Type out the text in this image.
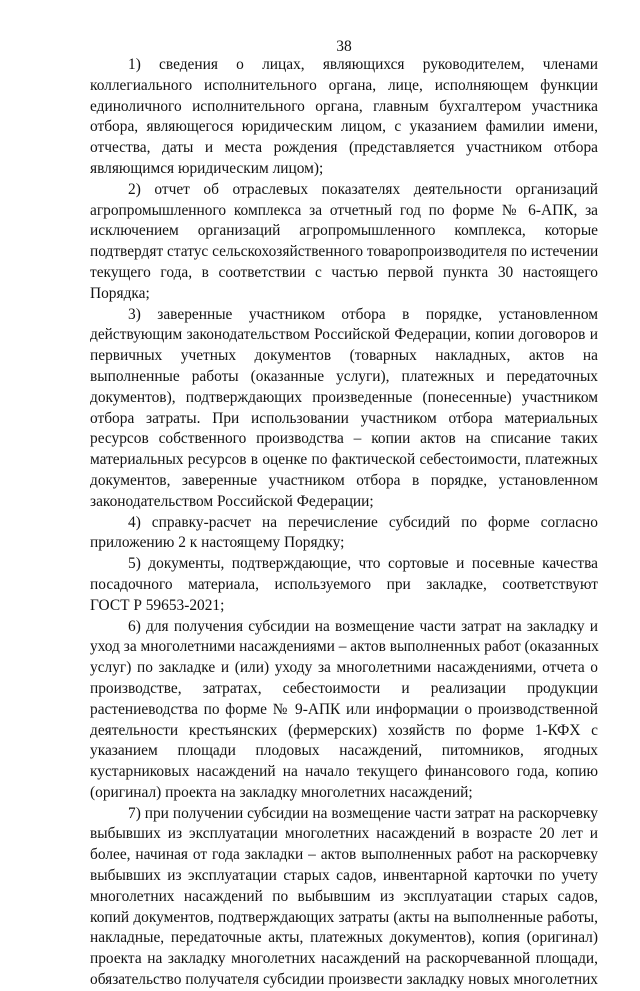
38
1) сведения о лицах, являющихся руководителем, членами
коллегиального исполнительного органа, лице, исполняющем функции
единоличного исполнительного органа, главным бухгалтером участника
отбора, являющегося юридическим лицом, с указанием фамилии имени,
отчества, даты и места рождения (представляется участником отбора
являющимся юридическим лицом);
2) отчет об отраслевых показателях деятельности организаций
агропромышленного комплекса за отчетный год по форме № 6-АПК, за
исключением организаций агропромышленного комплекса, которые
подтвердят статус сельскохозяйственного товаропроизводителя по истечении
текущего года, в соответствии с частью первой пункта 30 настоящего
Порядка;
3) заверенные участником отбора в порядке, установленном
действующим законодательством Российской Федерации, копии договоров и
первичных учетных документов (товарных накладных, актов на
выполненные работы (оказанные услуги), платежных и передаточных
документов), подтверждающих произведенные (понесенные) участником
отбора затраты. При использовании участником отбора материальных
ресурсов собственного производства – копии актов на списание таких
материальных ресурсов в оценке по фактической себестоимости, платежных
документов, заверенные участником отбора в порядке, установленном
законодательством Российской Федерации;
4) справку-расчет на перечисление субсидий по форме согласно
приложению 2 к настоящему Порядку;
5) документы, подтверждающие, что сортовые и посевные качества
посадочного материала, используемого при закладке, соответствуют
ГОСТ Р 59653-2021;
6) для получения субсидии на возмещение части затрат на закладку и
уход за многолетними насаждениями – актов выполненных работ (оказанных
услуг) по закладке и (или) уходу за многолетними насаждениями, отчета о
производстве, затратах, себестоимости и реализации продукции
растениеводства по форме № 9-АПК или информации о производственной
деятельности крестьянских (фермерских) хозяйств по форме 1-КФХ с
указанием площади плодовых насаждений, питомников, ягодных
кустарниковых насаждений на начало текущего финансового года, копию
(оригинал) проекта на закладку многолетних насаждений;
7) при получении субсидии на возмещение части затрат на раскорчевку
выбывших из эксплуатации многолетних насаждений в возрасте 20 лет и
более, начиная от года закладки – актов выполненных работ на раскорчевку
выбывших из эксплуатации старых садов, инвентарной карточки по учету
многолетних насаждений по выбывшим из эксплуатации старых садов,
копий документов, подтверждающих затраты (акты на выполненные работы,
накладные, передаточные акты, платежных документов), копия (оригинал)
проекта на закладку многолетних насаждений на раскорчеванной площади,
обязательство получателя субсидии произвести закладку новых многолетних
